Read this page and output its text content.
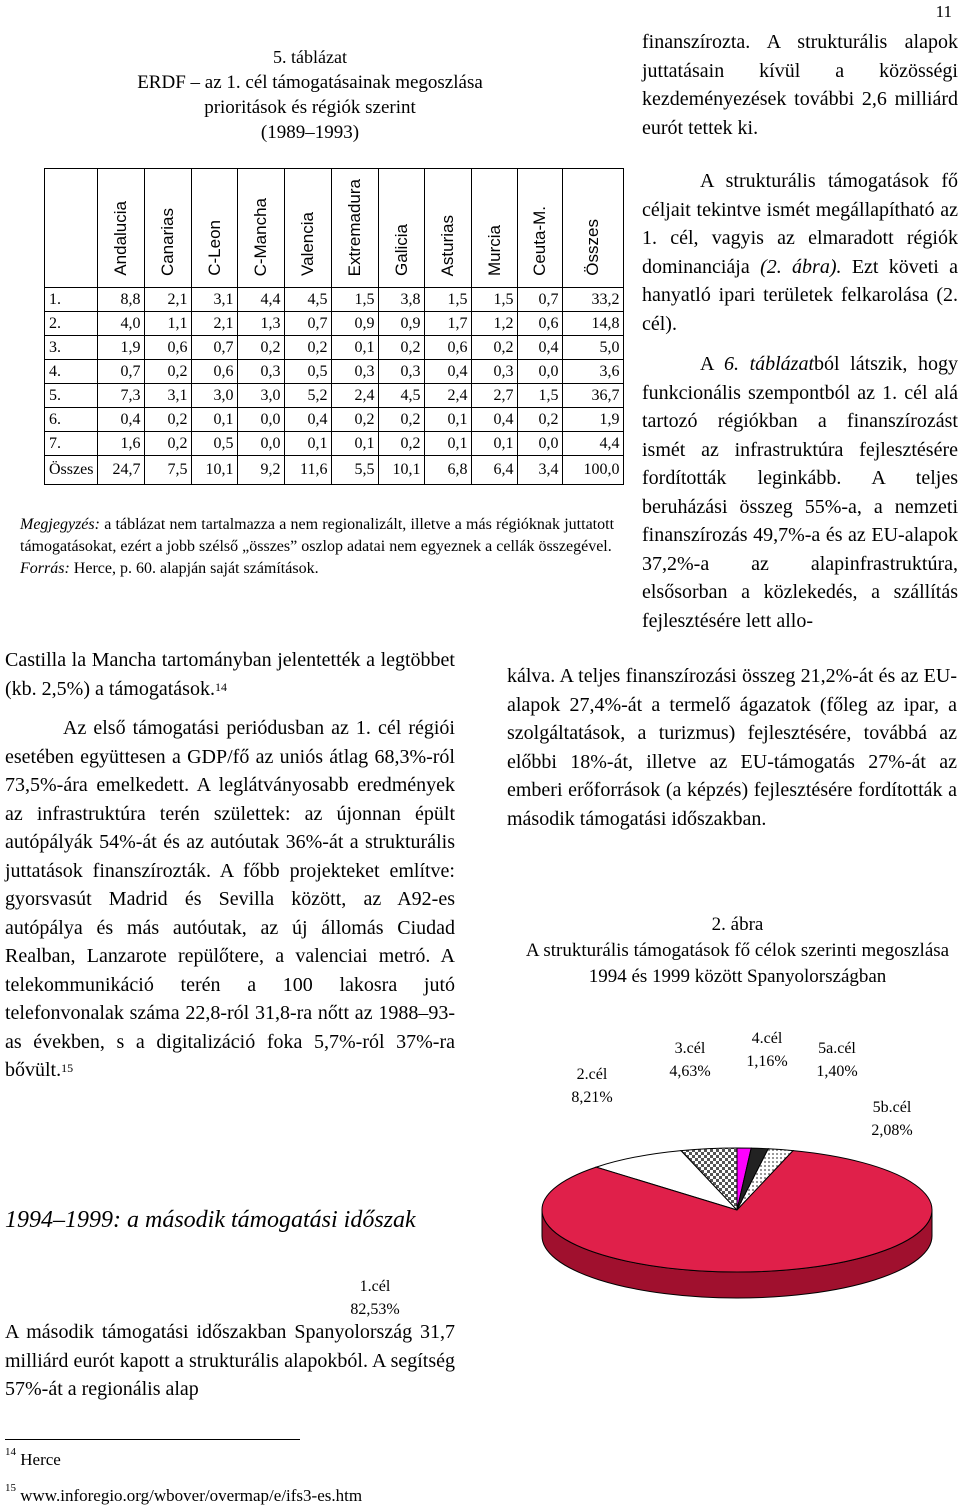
11
5. táblázat
ERDF – az 1. cél támogatásainak megoszlása
prioritások és régiók szerint
(1989–1993)

	Andalucia	Canarias	C-Leon	C-Mancha	Valencia	Extremadura	Galicia	Asturias	Murcia	Ceuta-M.	Összes

1.	8,8	2,1	3,1	4,4	4,5	1,5	3,8	1,5	1,5	0,7	33,2
2.	4,0	1,1	2,1	1,3	0,7	0,9	0,9	1,7	1,2	0,6	14,8
3.	1,9	0,6	0,7	0,2	0,2	0,1	0,2	0,6	0,2	0,4	5,0
4.	0,7	0,2	0,6	0,3	0,5	0,3	0,3	0,4	0,3	0,0	3,6
5.	7,3	3,1	3,0	3,0	5,2	2,4	4,5	2,4	2,7	1,5	36,7
6.	0,4	0,2	0,1	0,0	0,4	0,2	0,2	0,1	0,4	0,2	1,9
7.	1,6	0,2	0,5	0,0	0,1	0,1	0,2	0,1	0,1	0,0	4,4
Összes	24,7	7,5	10,1	9,2	11,6	5,5	10,1	6,8	6,4	3,4	100,0
Megjegyzés: a táblázat nem tartalmazza a nem regionalizált, illetve a más régióknak juttatott támogatásokat, ezért a jobb szélső „összes” oszlop adatai nem egyeznek a cellák összegével.
Forrás: Herce, p. 60. alapján saját számítások.

Castilla la Mancha tartományban jelentették a legtöbbet (kb. 2,5%) a támogatások.$^{14}$

Az első támogatási periódusban az 1. cél régiói esetében együttesen a GDP/fő az uniós átlag 68,3%-ról 73,5%-ára emelkedett. A leglátványosabb eredmények az infrastruktúra terén születtek: az újonnan épült autópályák 54%-át és az autóutak 36%-át a strukturális juttatások finanszírozták. A főbb projekteket említve: gyorsvasút Madrid és Sevilla között, az A92-es autópálya és más autóutak, az új állomás Ciudad Realban, Lanzarote repülőtere, a valenciai metró. A telekommunikáció terén a 100 lakosra jutó telefonvonalak száma 22,8-ról 31,8-ra nőtt az 1988–93-as években, s a digitalizáció foka 5,7%-ról 37%-ra bővült.$^{15}$

1994–1999: a második támogatási időszak

A második támogatási időszakban Spanyolország 31,7 milliárd eurót kapott a strukturális alapokból. A segítség 57%-át a regionális alap

finanszírozta. A strukturális alapok juttatásain kívül a közösségi kezdeményezések további 2,6 milliárd eurót tettek ki.

A strukturális támogatások fő céljait tekintve ismét megállapítható az 1. cél, vagyis az elmaradott régiók dominanciája (2. ábra). Ezt követi a hanyatló ipari területek felkarolása (2. cél).

A 6. táblázatból látszik, hogy funkcionális szempontból az 1. cél alá tartozó régiókban a finanszírozást ismét az infrastruktúra fejlesztésére fordították leginkább. A teljes beruházási összeg 55%-a, a nemzeti finanszírozás 49,7%-a és az EU-alapok 37,2%-a az alapinfrastruktúra, elsősorban a közlekedés, a szállítás fejlesztésére lett allo-

kálva. A teljes finanszírozási összeg 21,2%-át és az EU-alapok 27,4%-át a termelő ágazatok (főleg az ipar, a szolgáltatások, a turizmus) fejlesztésére, továbbá az előbbi 18%-át, illetve az EU-támogatás 27%-át az emberi erőforrások (a képzés) fejlesztésére fordították a második támogatási időszakban.

2. ábra
A strukturális támogatások fő célok szerinti megoszlása 1994 és 1999 között Spanyolországban
1.cél
82,53%
2.cél
8,21%
3.cél
4,63%
4.cél
1,16%
5a.cél
1,40%
5b.cél
2,08%
$^{14}$ Herce
$^{15}$ www.inforegio.org/wbover/overmap/e/ifs3-es.htm
